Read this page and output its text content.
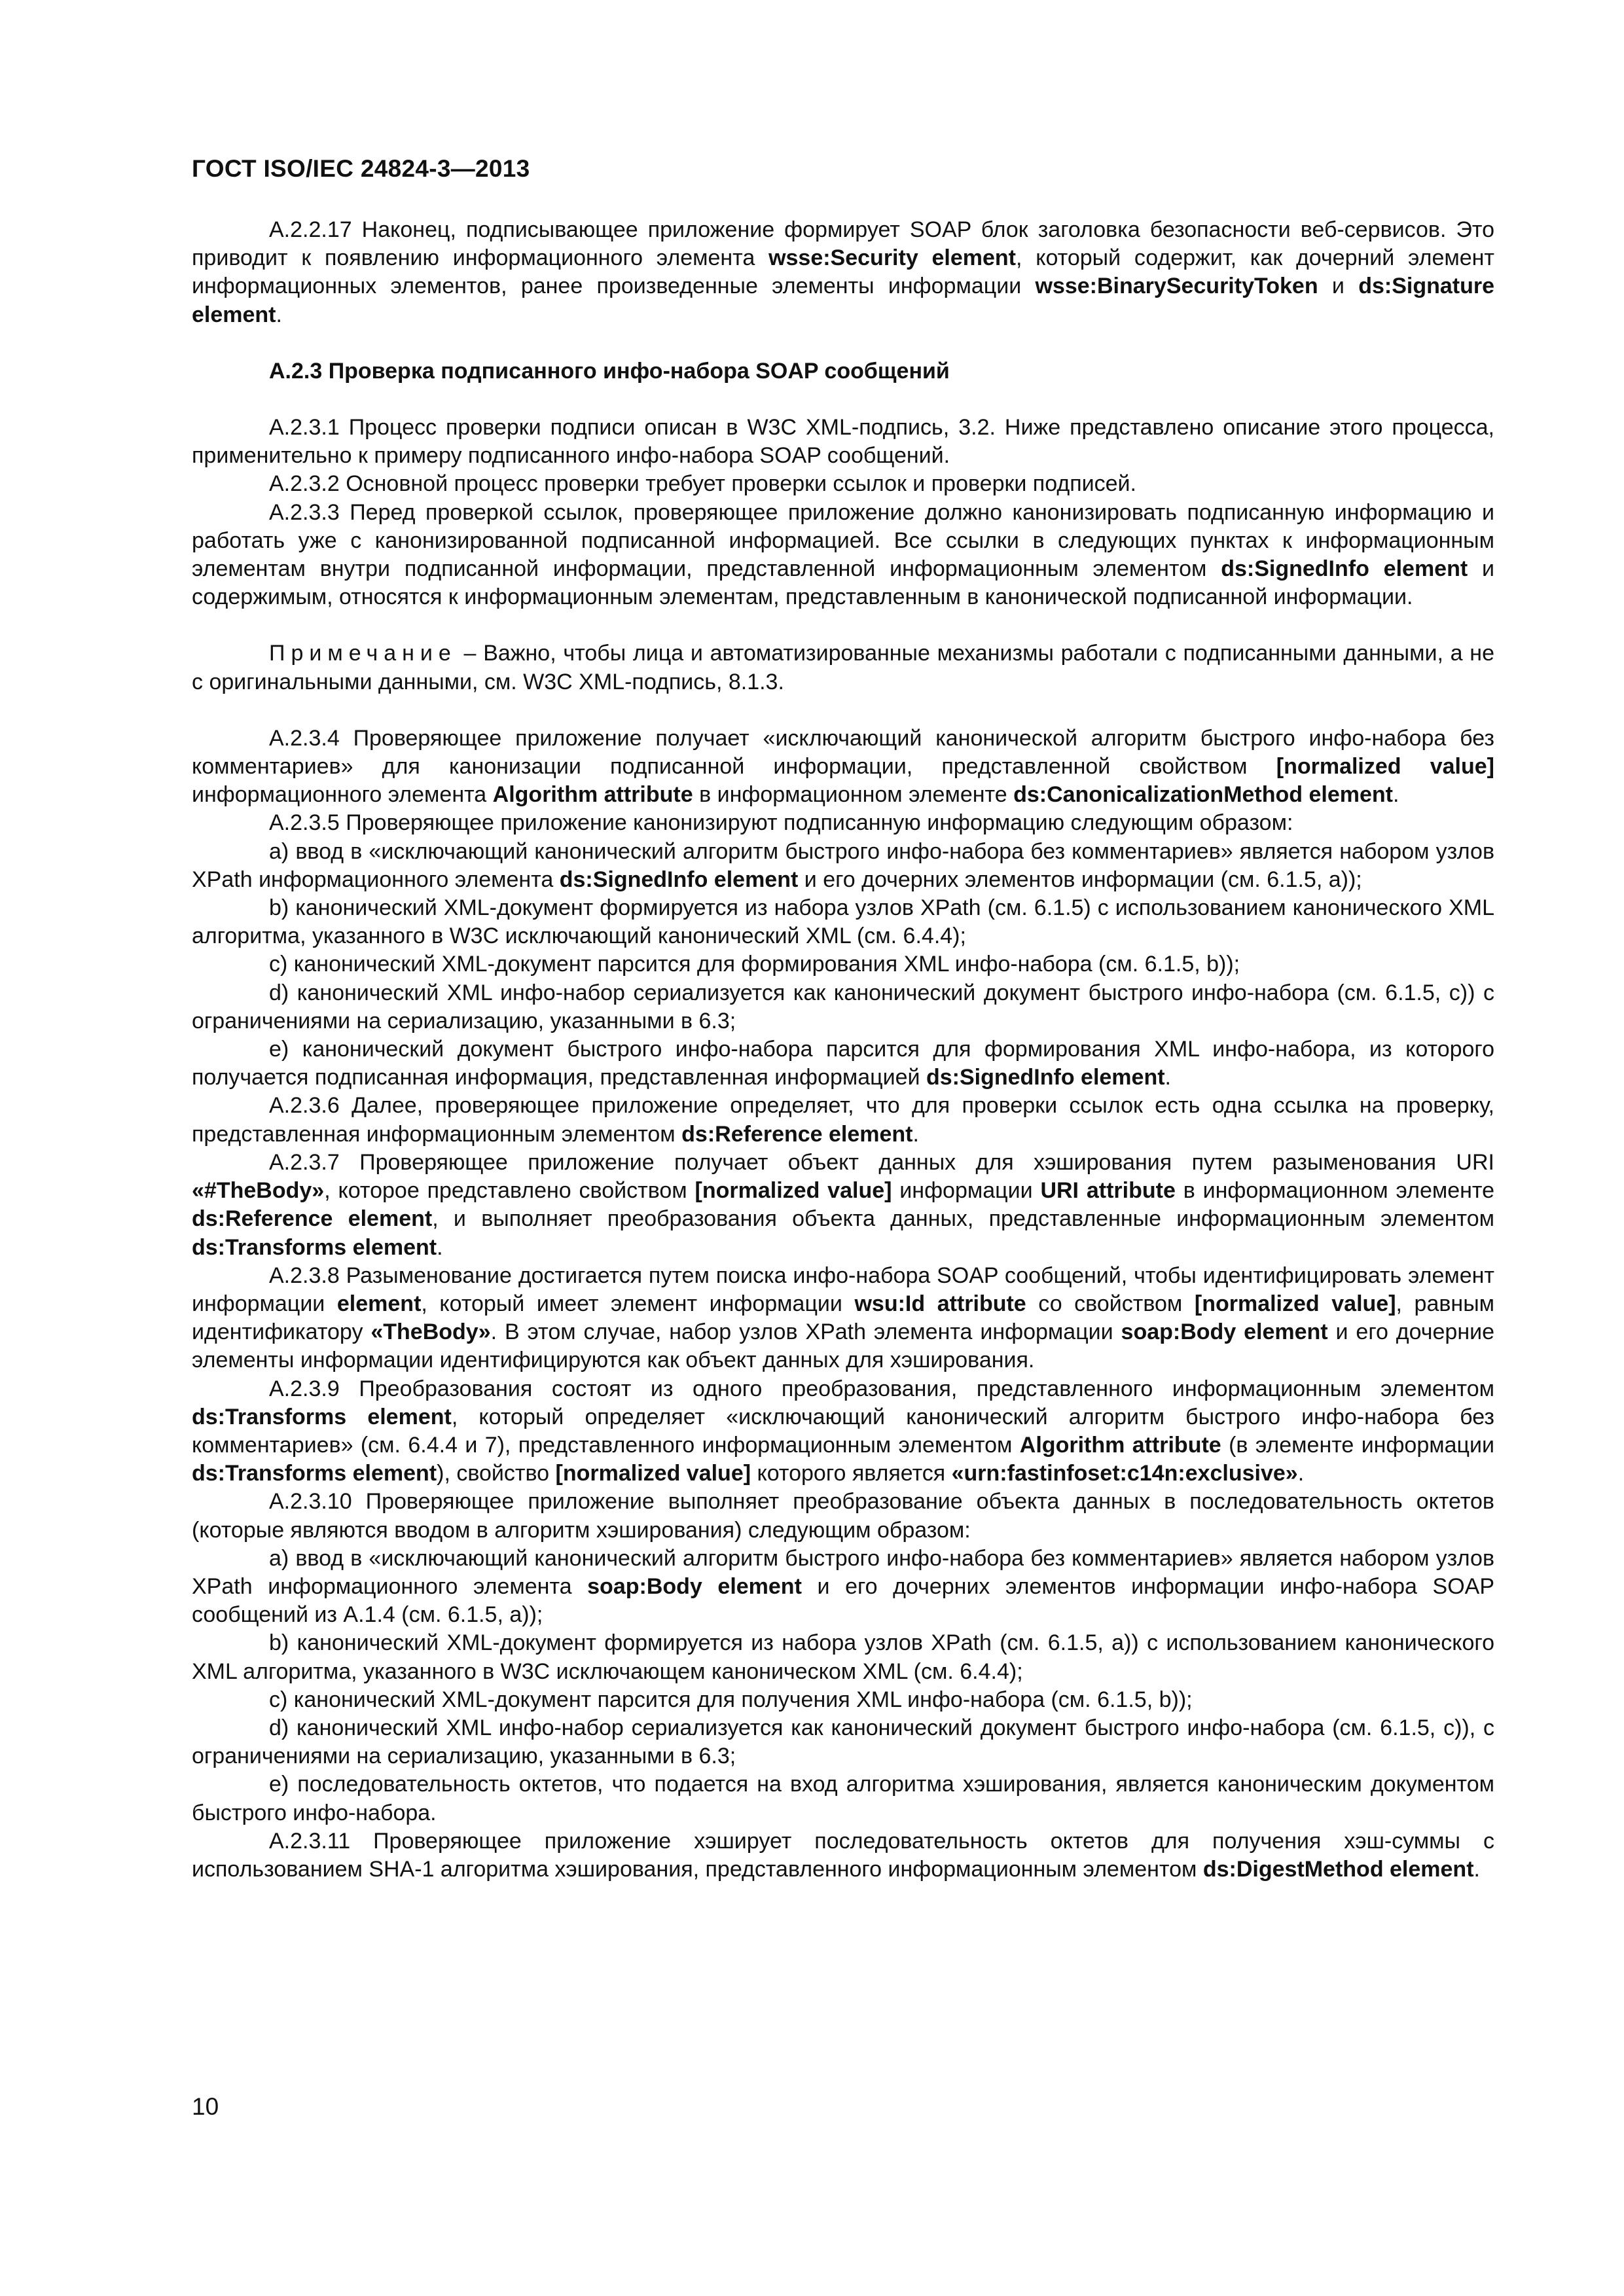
ГОСТ ISO/IEC 24824-3—2013

A.2.2.17 Наконец, подписывающее приложение формирует SOAP блок заголовка безопасности веб-сервисов. Это приводит к появлению информационного элемента wsse:Security element, который содержит, как дочерний элемент информационных элементов, ранее произведенные элементы информации wsse:BinarySecurityToken и ds:Signature element.

A.2.3 Проверка подписанного инфо-набора SOAP сообщений

A.2.3.1 Процесс проверки подписи описан в W3C XML-подпись, 3.2. Ниже представлено описание этого процесса, применительно к примеру подписанного инфо-набора SOAP сообщений.

A.2.3.2 Основной процесс проверки требует проверки ссылок и проверки подписей.

A.2.3.3 Перед проверкой ссылок, проверяющее приложение должно канонизировать подписанную информацию и работать уже с канонизированной подписанной информацией. Все ссылки в следующих пунктах к информационным элементам внутри подписанной информации, представленной информационным элементом ds:SignedInfo element и содержимым, относятся к информационным элементам, представленным в канонической подписанной информации.

Примечание – Важно, чтобы лица и автоматизированные механизмы работали с подписанными данными, а не с оригинальными данными, см. W3C XML-подпись, 8.1.3.

A.2.3.4 Проверяющее приложение получает «исключающий канонической алгоритм быстрого инфо-набора без комментариев» для канонизации подписанной информации, представленной свойством [normalized value] информационного элемента Algorithm attribute в информационном элементе ds:CanonicalizationMethod element.

A.2.3.5 Проверяющее приложение канонизируют подписанную информацию следующим образом:

a) ввод в «исключающий канонический алгоритм быстрого инфо-набора без комментариев» является набором узлов XPath информационного элемента ds:SignedInfo element и его дочерних элементов информации (см. 6.1.5, a));

b) канонический XML-документ формируется из набора узлов XPath (см. 6.1.5) с использованием канонического XML алгоритма, указанного в W3C исключающий канонический XML (см. 6.4.4);

c) канонический XML-документ парсится для формирования XML инфо-набора (см. 6.1.5, b));

d) канонический XML инфо-набор сериализуется как канонический документ быстрого инфо-набора (см. 6.1.5, c)) с ограничениями на сериализацию, указанными в 6.3;

e) канонический документ быстрого инфо-набора парсится для формирования XML инфо-набора, из которого получается подписанная информация, представленная информацией ds:SignedInfo element.

A.2.3.6 Далее, проверяющее приложение определяет, что для проверки ссылок есть одна ссылка на проверку, представленная информационным элементом ds:Reference element.

A.2.3.7 Проверяющее приложение получает объект данных для хэширования путем разыменования URI «#TheBody», которое представлено свойством [normalized value] информации URI attribute в информационном элементе ds:Reference element, и выполняет преобразования объекта данных, представленные информационным элементом ds:Transforms element.

A.2.3.8 Разыменование достигается путем поиска инфо-набора SOAP сообщений, чтобы идентифицировать элемент информации element, который имеет элемент информации wsu:Id attribute со свойством [normalized value], равным идентификатору «TheBody». В этом случае, набор узлов XPath элемента информации soap:Body element и его дочерние элементы информации идентифицируются как объект данных для хэширования.

A.2.3.9 Преобразования состоят из одного преобразования, представленного информационным элементом ds:Transforms element, который определяет «исключающий канонический алгоритм быстрого инфо-набора без комментариев» (см. 6.4.4 и 7), представленного информационным элементом Algorithm attribute (в элементе информации ds:Transforms element), свойство [normalized value] которого является «urn:fastinfoset:c14n:exclusive».

A.2.3.10 Проверяющее приложение выполняет преобразование объекта данных в последовательность октетов (которые являются вводом в алгоритм хэширования) следующим образом:

a) ввод в «исключающий канонический алгоритм быстрого инфо-набора без комментариев» является набором узлов XPath информационного элемента soap:Body element и его дочерних элементов информации инфо-набора SOAP сообщений из A.1.4 (см. 6.1.5, a));

b) канонический XML-документ формируется из набора узлов XPath (см. 6.1.5, a)) с использованием канонического XML алгоритма, указанного в W3C исключающем каноническом XML (см. 6.4.4);

c) канонический XML-документ парсится для получения XML инфо-набора (см. 6.1.5, b));

d) канонический XML инфо-набор сериализуется как канонический документ быстрого инфо-набора (см. 6.1.5, c)), с ограничениями на сериализацию, указанными в 6.3;

e) последовательность октетов, что подается на вход алгоритма хэширования, является каноническим документом быстрого инфо-набора.

A.2.3.11 Проверяющее приложение хэширует последовательность октетов для получения хэш-суммы с использованием SHA-1 алгоритма хэширования, представленного информационным элементом ds:DigestMethod element.

10
